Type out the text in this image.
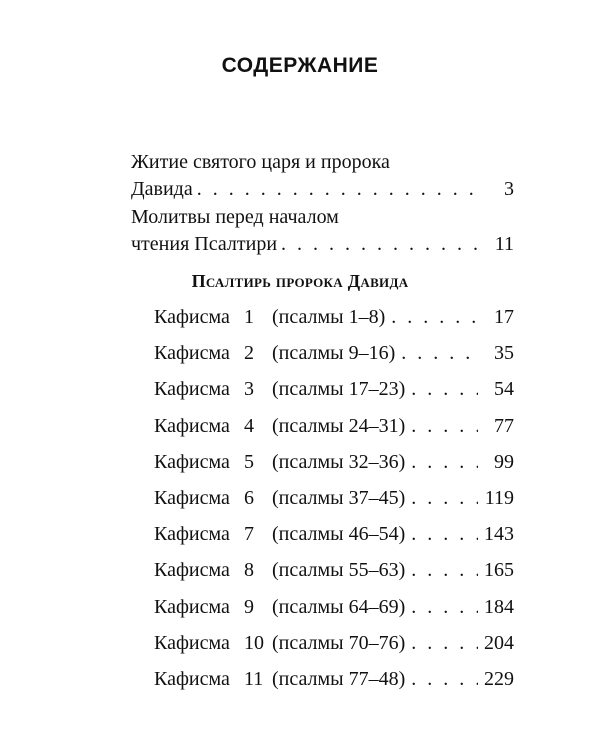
СОДЕРЖАНИЕ
Житие святого царя и пророка
Давида . . .	3
Молитвы перед началом
чтения Псалтири . . .	11
Псалтирь пророка Давида
Кафисма 1 (псалмы 1–8) . . .	17
Кафисма 2 (псалмы 9–16) . . .	35
Кафисма 3 (псалмы 17–23) . . .	54
Кафисма 4 (псалмы 24–31) . . .	77
Кафисма 5 (псалмы 32–36) . . .	99
Кафисма 6 (псалмы 37–45) . . .	119
Кафисма 7 (псалмы 46–54) . . .	143
Кафисма 8 (псалмы 55–63) . . .	165
Кафисма 9 (псалмы 64–69) . . .	184
Кафисма 10 (псалмы 70–76) . . .	204
Кафисма 11 (псалмы 77–48) . . .	229
